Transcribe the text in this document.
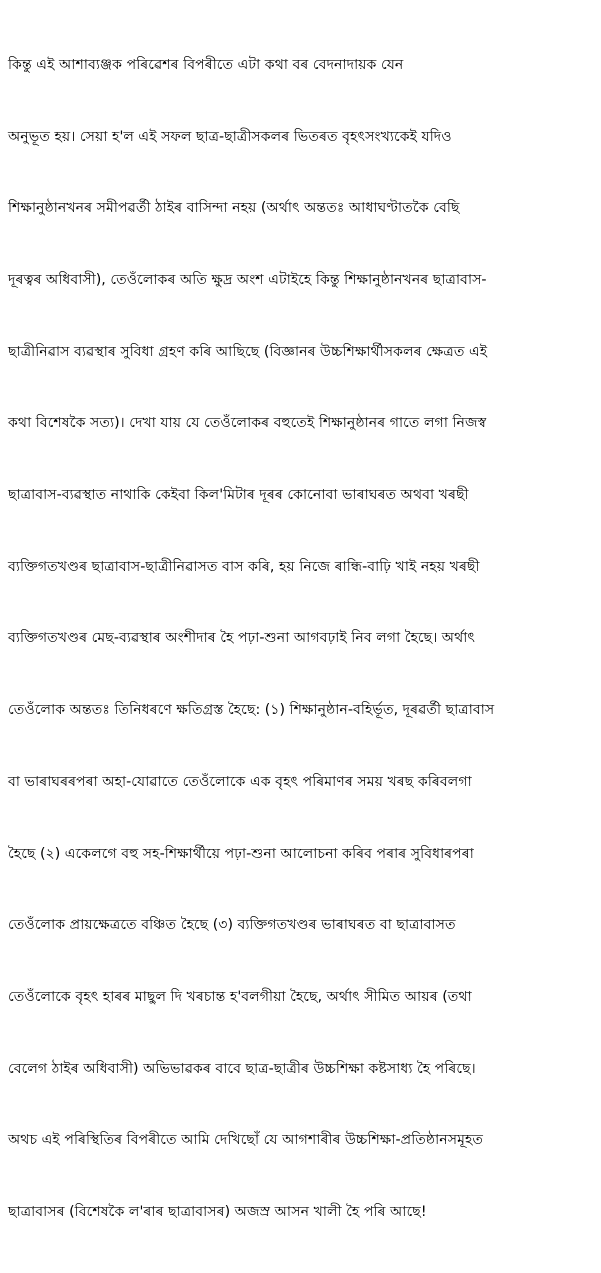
কিন্তু এই আশাব্যঞ্জক পৰিৱেশৰ বিপৰীতে এটা কথা বৰ বেদনাদায়ক যেন

অনুভূত হয়। সেয়া হ'ল এই সফল ছাত্ৰ-ছাত্ৰীসকলৰ ভিতৰত বৃহৎসংখ্যকেই যদিও

শিক্ষানুষ্ঠানখনৰ সমীপৱৰ্তী ঠাইৰ বাসিন্দা নহয় (অৰ্থাৎ অন্ততঃ আধাঘণ্টাতকৈ বেছি

দূৰত্বৰ অধিবাসী), তেওঁলোকৰ অতি ক্ষুদ্ৰ অংশ এটাইহে কিন্তু শিক্ষানুষ্ঠানখনৰ ছাত্ৰাবাস-

ছাত্ৰীনিৱাস ব্যৱস্থাৰ সুবিধা গ্ৰহণ কৰি আছিছে (বিজ্ঞানৰ উচ্চশিক্ষাৰ্থীসকলৰ ক্ষেত্ৰত এই

কথা বিশেষকৈ সত্য)। দেখা যায় যে তেওঁলোকৰ বহুতেই শিক্ষানুষ্ঠানৰ গাতে লগা নিজস্ব

ছাত্ৰাবাস-ব্যৱস্থাত নাথাকি কেইবা কিল'মিটাৰ দূৰৰ কোনোবা ভাৰাঘৰত অথবা খৰছী

ব্যক্তিগতখণ্ডৰ ছাত্ৰাবাস-ছাত্ৰীনিৱাসত বাস কৰি, হয় নিজে ৰান্ধি-বাঢ়ি খাই নহয় খৰছী

ব্যক্তিগতখণ্ডৰ মেছ-ব্যৱস্থাৰ অংশীদাৰ হৈ পঢ়া-শুনা আগবঢ়াই নিব লগা হৈছে। অৰ্থাৎ

তেওঁলোক অন্ততঃ তিনিধৰণে ক্ষতিগ্ৰস্ত হৈছে: (১) শিক্ষানুষ্ঠান-বহিৰ্ভূত, দূৰৱৰ্তী ছাত্ৰাবাস

বা ভাৰাঘৰৰপৰা অহা-যোৱাতে তেওঁলোকে এক বৃহৎ পৰিমাণৰ সময় খৰছ কৰিবলগা

হৈছে (২) একেলগে বহু সহ-শিক্ষাৰ্থীয়ে পঢ়া-শুনা আলোচনা কৰিব পৰাৰ সুবিধাৰপৰা

তেওঁলোক প্ৰায়ক্ষেত্ৰতে বঞ্চিত হৈছে (৩) ব্যক্তিগতখণ্ডৰ ভাৰাঘৰত বা ছাত্ৰাবাসত

তেওঁলোকে বৃহৎ হাৰৰ মাছুল দি খৰচান্ত হ'বলগীয়া হৈছে, অৰ্থাৎ সীমিত আয়ৰ (তথা

বেলেগ ঠাইৰ অধিবাসী) অভিভাৱকৰ বাবে ছাত্ৰ-ছাত্ৰীৰ উচ্চশিক্ষা কষ্টসাধ্য হৈ পৰিছে।

অথচ এই পৰিস্থিতিৰ বিপৰীতে আমি দেখিছোঁ যে আগশাৰীৰ উচ্চশিক্ষা-প্ৰতিষ্ঠানসমূহত

ছাত্ৰাবাসৰ (বিশেষকৈ ল'ৰাৰ ছাত্ৰাবাসৰ) অজস্ৰ আসন খালী হৈ পৰি আছে!
